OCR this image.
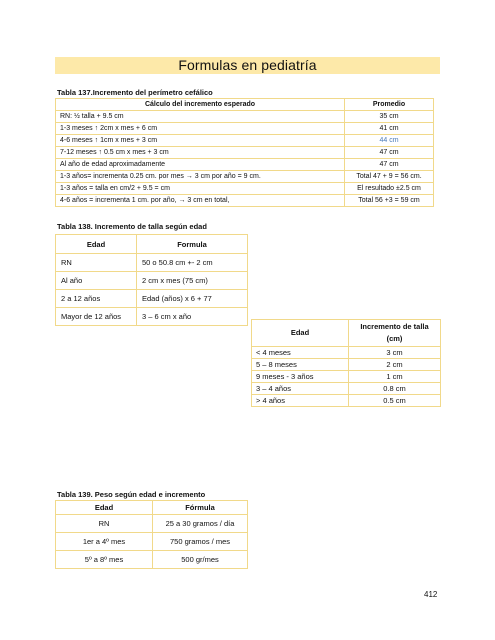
Formulas en pediatría
Tabla 137.Incremento del perímetro cefálico
Cálculo del incremento esperado	Promedio
RN: ½ talla + 9.5 cm	35 cm
1-3 meses ↑ 2cm x mes + 6 cm	41 cm
4-6 meses ↑ 1cm x mes + 3 cm	44 cm
7-12 meses ↑ 0.5 cm x mes + 3 cm	47 cm
Al año de edad aproximadamente	47 cm
1-3 años= incrementa 0.25 cm. por mes → 3 cm por año = 9 cm.	Total 47 + 9 = 56 cm.
1-3 años = talla en cm/2 + 9.5 = cm	El resultado ±2.5 cm
4-6 años = incrementa 1 cm. por año, → 3 cm en total,	Total 56 +3 = 59 cm
Tabla 138. Incremento de talla según edad
Edad	Formula
RN	50 o 50.8 cm +- 2 cm
Al año	2 cm x mes (75 cm)
2 a 12 años	Edad (años) x 6 + 77
Mayor de 12 años	3 – 6 cm x año
Edad	Incremento de talla (cm)
< 4 meses	3 cm
5 – 8 meses	2 cm
9 meses - 3 años	1 cm
3 – 4 años	0.8 cm
> 4 años	0.5 cm
Tabla 139. Peso según edad e incremento
Edad	Fórmula
RN	25 a 30 gramos / día
1er a 4º mes	750 gramos / mes
5º a 8º mes	500 gr/mes
412
